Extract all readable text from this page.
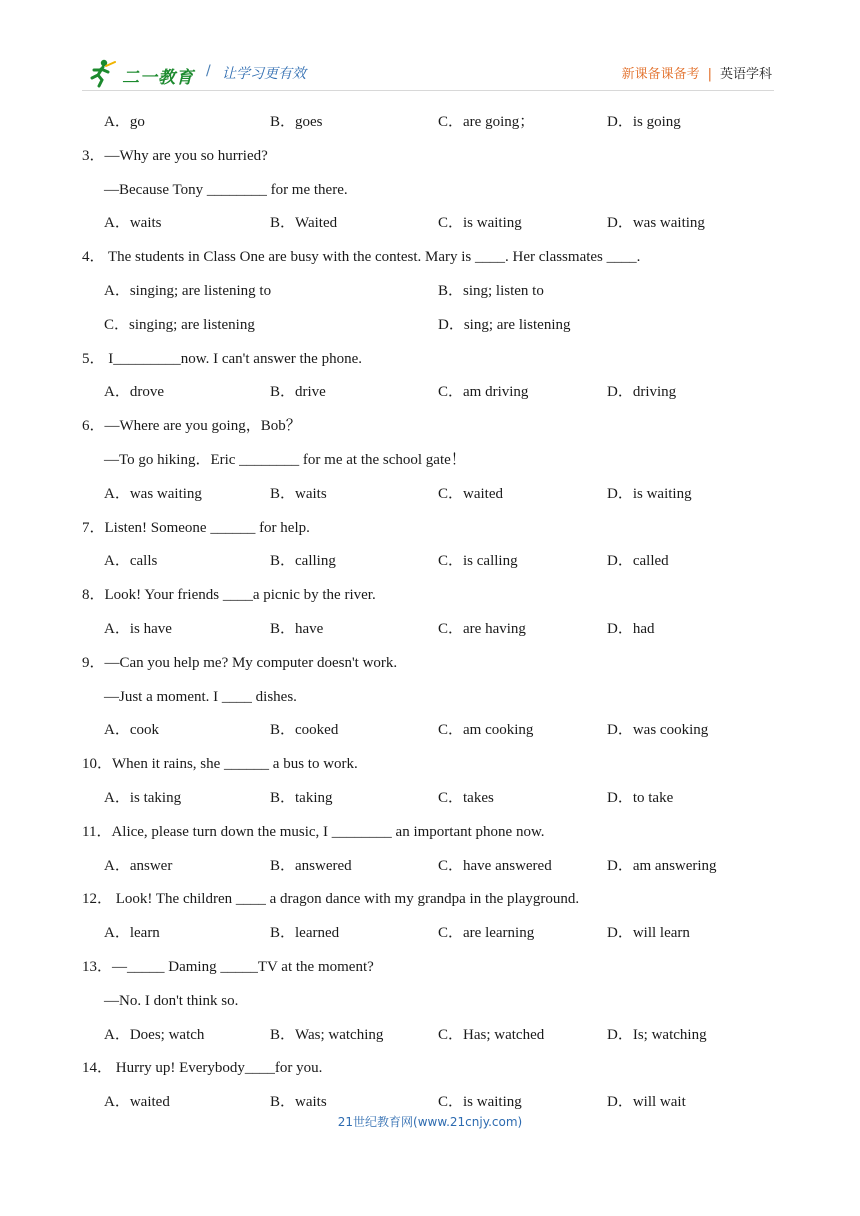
二一教育 / 让学习更有效	新课备课备考 | 英语学科
A．go	B．goes	C．are going；	D．is going
3．—Why are you so hurried?
—Because Tony ________ for me there.
A．waits	B．Waited	C．is waiting	D．was waiting
4． The students in Class One are busy with the contest. Mary is ____. Her classmates ____.
A．singing; are listening to	B．sing; listen to
C．singing; are listening	D．sing; are listening
5． I_________now. I can't answer the phone.
A．drove	B．drive	C．am driving	D．driving
6．—Where are you going，Bob？
—To go hiking．Eric ________ for me at the school gate！
A．was waiting	B．waits	C．waited	D．is waiting
7．Listen! Someone ______ for help.
A．calls	B．calling	C．is calling	D．called
8．Look! Your friends ____a picnic by the river.
A．is have	B．have	C．are having	D．had
9．—Can you help me? My computer doesn't work.
—Just a moment. I ____ dishes.
A．cook	B．cooked	C．am cooking	D．was cooking
10．When it rains, she ______ a bus to work.
A．is taking	B．taking	C．takes	D．to take
11．Alice, please turn down the music, I ________ an important phone now.
A．answer	B．answered	C．have answered	D．am answering
12． Look! The children ____ a dragon dance with my grandpa in the playground.
A．learn	B．learned	C．are learning	D．will learn
13．—_____ Daming _____TV at the moment?
—No. I don't think so.
A．Does; watch	B．Was; watching	C．Has; watched	D．Is; watching
14． Hurry up! Everybody____for you.
A．waited	B．waits	C．is waiting	D．will wait
21世纪教育网(www.21cnjy.com)
